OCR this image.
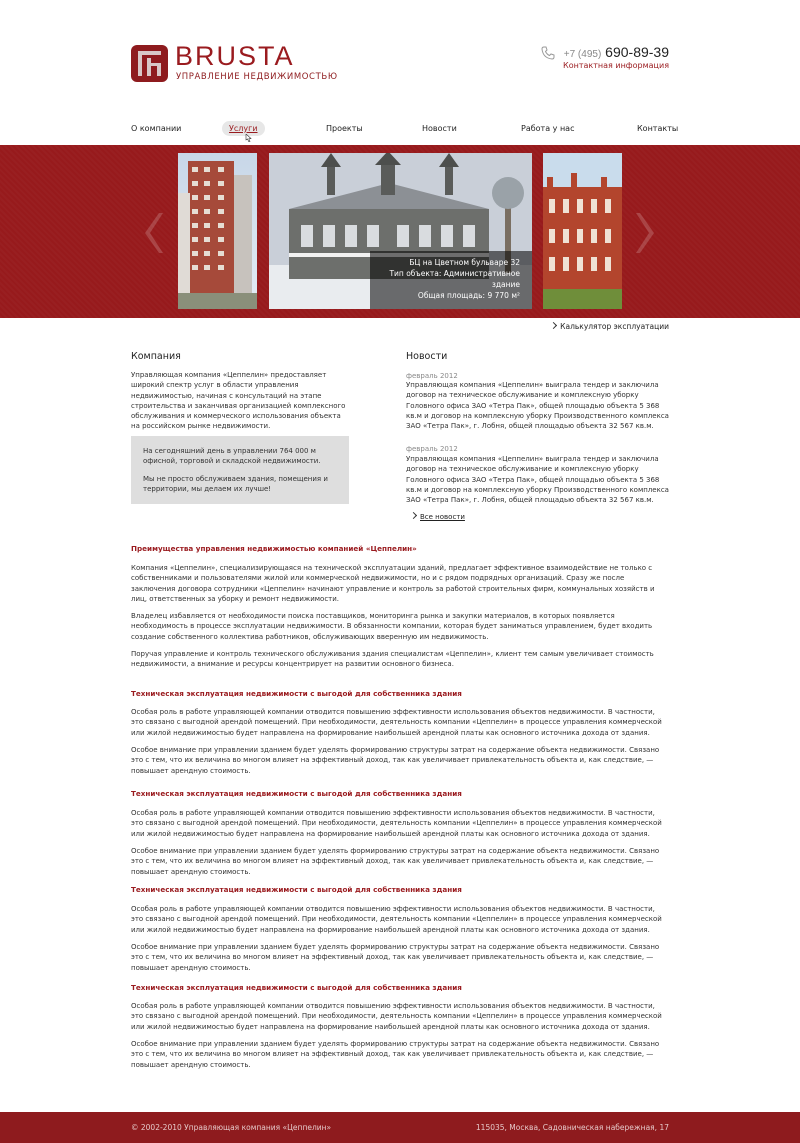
BRUSTA
УПРАВЛЕНИЕ НЕДВИЖИМОСТЬЮ
+7 (495) 690-89-39
Контактная информация
О компании	Услуги	Проекты	Новости	Работа у нас	Контакты
БЦ на Цветном бульваре 32
Тип объекта: Административное здание
Общая площадь: 9 770 м²
Калькулятор эксплуатации
Компания
Управляющая компания «Цеппелин» предоставляет широкий спектр услуг в области управления недвижимостью, начиная с консультаций на этапе строительства и заканчивая организацией комплексного обслуживания и коммерческого использования объекта на российском рынке недвижимости.

На сегодняшний день в управлении 764 000 м офисной, торговой и складской недвижимости.

Мы не просто обслуживаем здания, помещения и территории, мы делаем их лучше!

Новости
февраль 2012
Управляющая компания «Цеппелин» выиграла тендер и заключила договор на техническое обслуживание и комплексную уборку Головного офиса ЗАО «Тетра Пак», общей площадью объекта 5 368 кв.м и договор на комплексную уборку Производственного комплекса ЗАО «Тетра Пак», г. Лобня, общей площадью объекта 32 567 кв.м.
февраль 2012
Управляющая компания «Цеппелин» выиграла тендер и заключила договор на техническое обслуживание и комплексную уборку Головного офиса ЗАО «Тетра Пак», общей площадью объекта 5 368 кв.м и договор на комплексную уборку Производственного комплекса ЗАО «Тетра Пак», г. Лобня, общей площадью объекта 32 567 кв.м.
Все новости
Преимущества управления недвижимостью компанией «Цеппелин»
Компания «Цеппелин», специализирующаяся на технической эксплуатации зданий, предлагает эффективное взаимодействие не только с собственниками и пользователями жилой или коммерческой недвижимости, но и с рядом подрядных организаций. Сразу же после заключения договора сотрудники «Цеппелин» начинают управление и контроль за работой строительных фирм, коммунальных хозяйств и лиц, ответственных за уборку и ремонт недвижимости.
Владелец избавляется от необходимости поиска поставщиков, мониторинга рынка и закупки материалов, в которых появляется необходимость в процессе эксплуатации недвижимости. В обязанности компании, которая будет заниматься управлением, будет входить создание собственного коллектива работников, обслуживающих вверенную им недвижимость.
Поручая управление и контроль технического обслуживания здания специалистам «Цеппелин», клиент тем самым увеличивает стоимость недвижимости, а внимание и ресурсы концентрирует на развитии основного бизнеса.
Техническая эксплуатация недвижимости с выгодой для собственника здания
Особая роль в работе управляющей компании отводится повышению эффективности использования объектов недвижимости. В частности, это связано с выгодной арендой помещений. При необходимости, деятельность компании «Цеппелин» в процессе управления коммерческой или жилой недвижимостью будет направлена на формирование наибольшей арендной платы как основного источника дохода от здания.
Особое внимание при управлении зданием будет уделять формированию структуры затрат на содержание объекта недвижимости. Связано это с тем, что их величина во многом влияет на эффективный доход, так как увеличивает привлекательность объекта и, как следствие, — повышает арендную стоимость.
Техническая эксплуатация недвижимости с выгодой для собственника здания
Особая роль в работе управляющей компании отводится повышению эффективности использования объектов недвижимости. В частности, это связано с выгодной арендой помещений. При необходимости, деятельность компании «Цеппелин» в процессе управления коммерческой или жилой недвижимостью будет направлена на формирование наибольшей арендной платы как основного источника дохода от здания.
Особое внимание при управлении зданием будет уделять формированию структуры затрат на содержание объекта недвижимости. Связано это с тем, что их величина во многом влияет на эффективный доход, так как увеличивает привлекательность объекта и, как следствие, — повышает арендную стоимость.
Техническая эксплуатация недвижимости с выгодой для собственника здания
Особая роль в работе управляющей компании отводится повышению эффективности использования объектов недвижимости. В частности, это связано с выгодной арендой помещений. При необходимости, деятельность компании «Цеппелин» в процессе управления коммерческой или жилой недвижимостью будет направлена на формирование наибольшей арендной платы как основного источника дохода от здания.
Особое внимание при управлении зданием будет уделять формированию структуры затрат на содержание объекта недвижимости. Связано это с тем, что их величина во многом влияет на эффективный доход, так как увеличивает привлекательность объекта и, как следствие, — повышает арендную стоимость.
Техническая эксплуатация недвижимости с выгодой для собственника здания
Особая роль в работе управляющей компании отводится повышению эффективности использования объектов недвижимости. В частности, это связано с выгодной арендой помещений. При необходимости, деятельность компании «Цеппелин» в процессе управления коммерческой или жилой недвижимостью будет направлена на формирование наибольшей арендной платы как основного источника дохода от здания.
Особое внимание при управлении зданием будет уделять формированию структуры затрат на содержание объекта недвижимости. Связано это с тем, что их величина во многом влияет на эффективный доход, так как увеличивает привлекательность объекта и, как следствие, — повышает арендную стоимость.
© 2002-2010 Управляющая компания «Цеппелин»	115035, Москва, Садовническая набережная, 17
